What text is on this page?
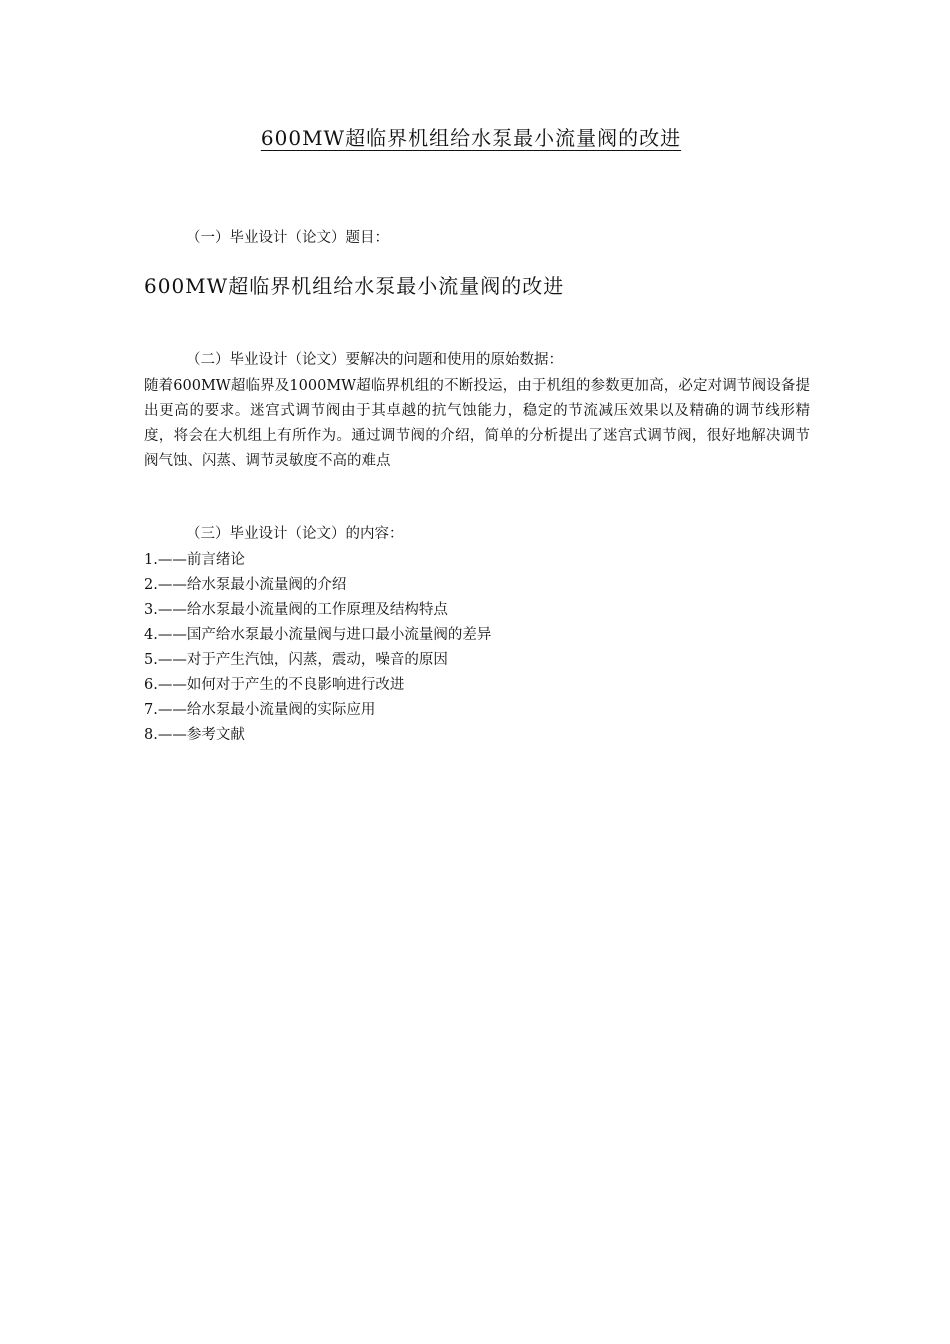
600MW超临界机组给水泵最小流量阀的改进
（一）毕业设计（论文）题目：
600MW超临界机组给水泵最小流量阀的改进
（二）毕业设计（论文）要解决的问题和使用的原始数据：
随着600MW超临界及1000MW超临界机组的不断投运，由于机组的参数更加高，必定对调节阀设备提出更高的要求。迷宫式调节阀由于其卓越的抗气蚀能力，稳定的节流减压效果以及精确的调节线形精度，将会在大机组上有所作为。通过调节阀的介绍，简单的分析提出了迷宫式调节阀，很好地解决调节阀气蚀、闪蒸、调节灵敏度不高的难点
（三）毕业设计（论文）的内容：
1.——前言绪论
2.——给水泵最小流量阀的介绍
3.——给水泵最小流量阀的工作原理及结构特点
4.——国产给水泵最小流量阀与进口最小流量阀的差异
5.——对于产生汽蚀，闪蒸，震动，噪音的原因
6.——如何对于产生的不良影响进行改进
7.——给水泵最小流量阀的实际应用
8.——参考文献
